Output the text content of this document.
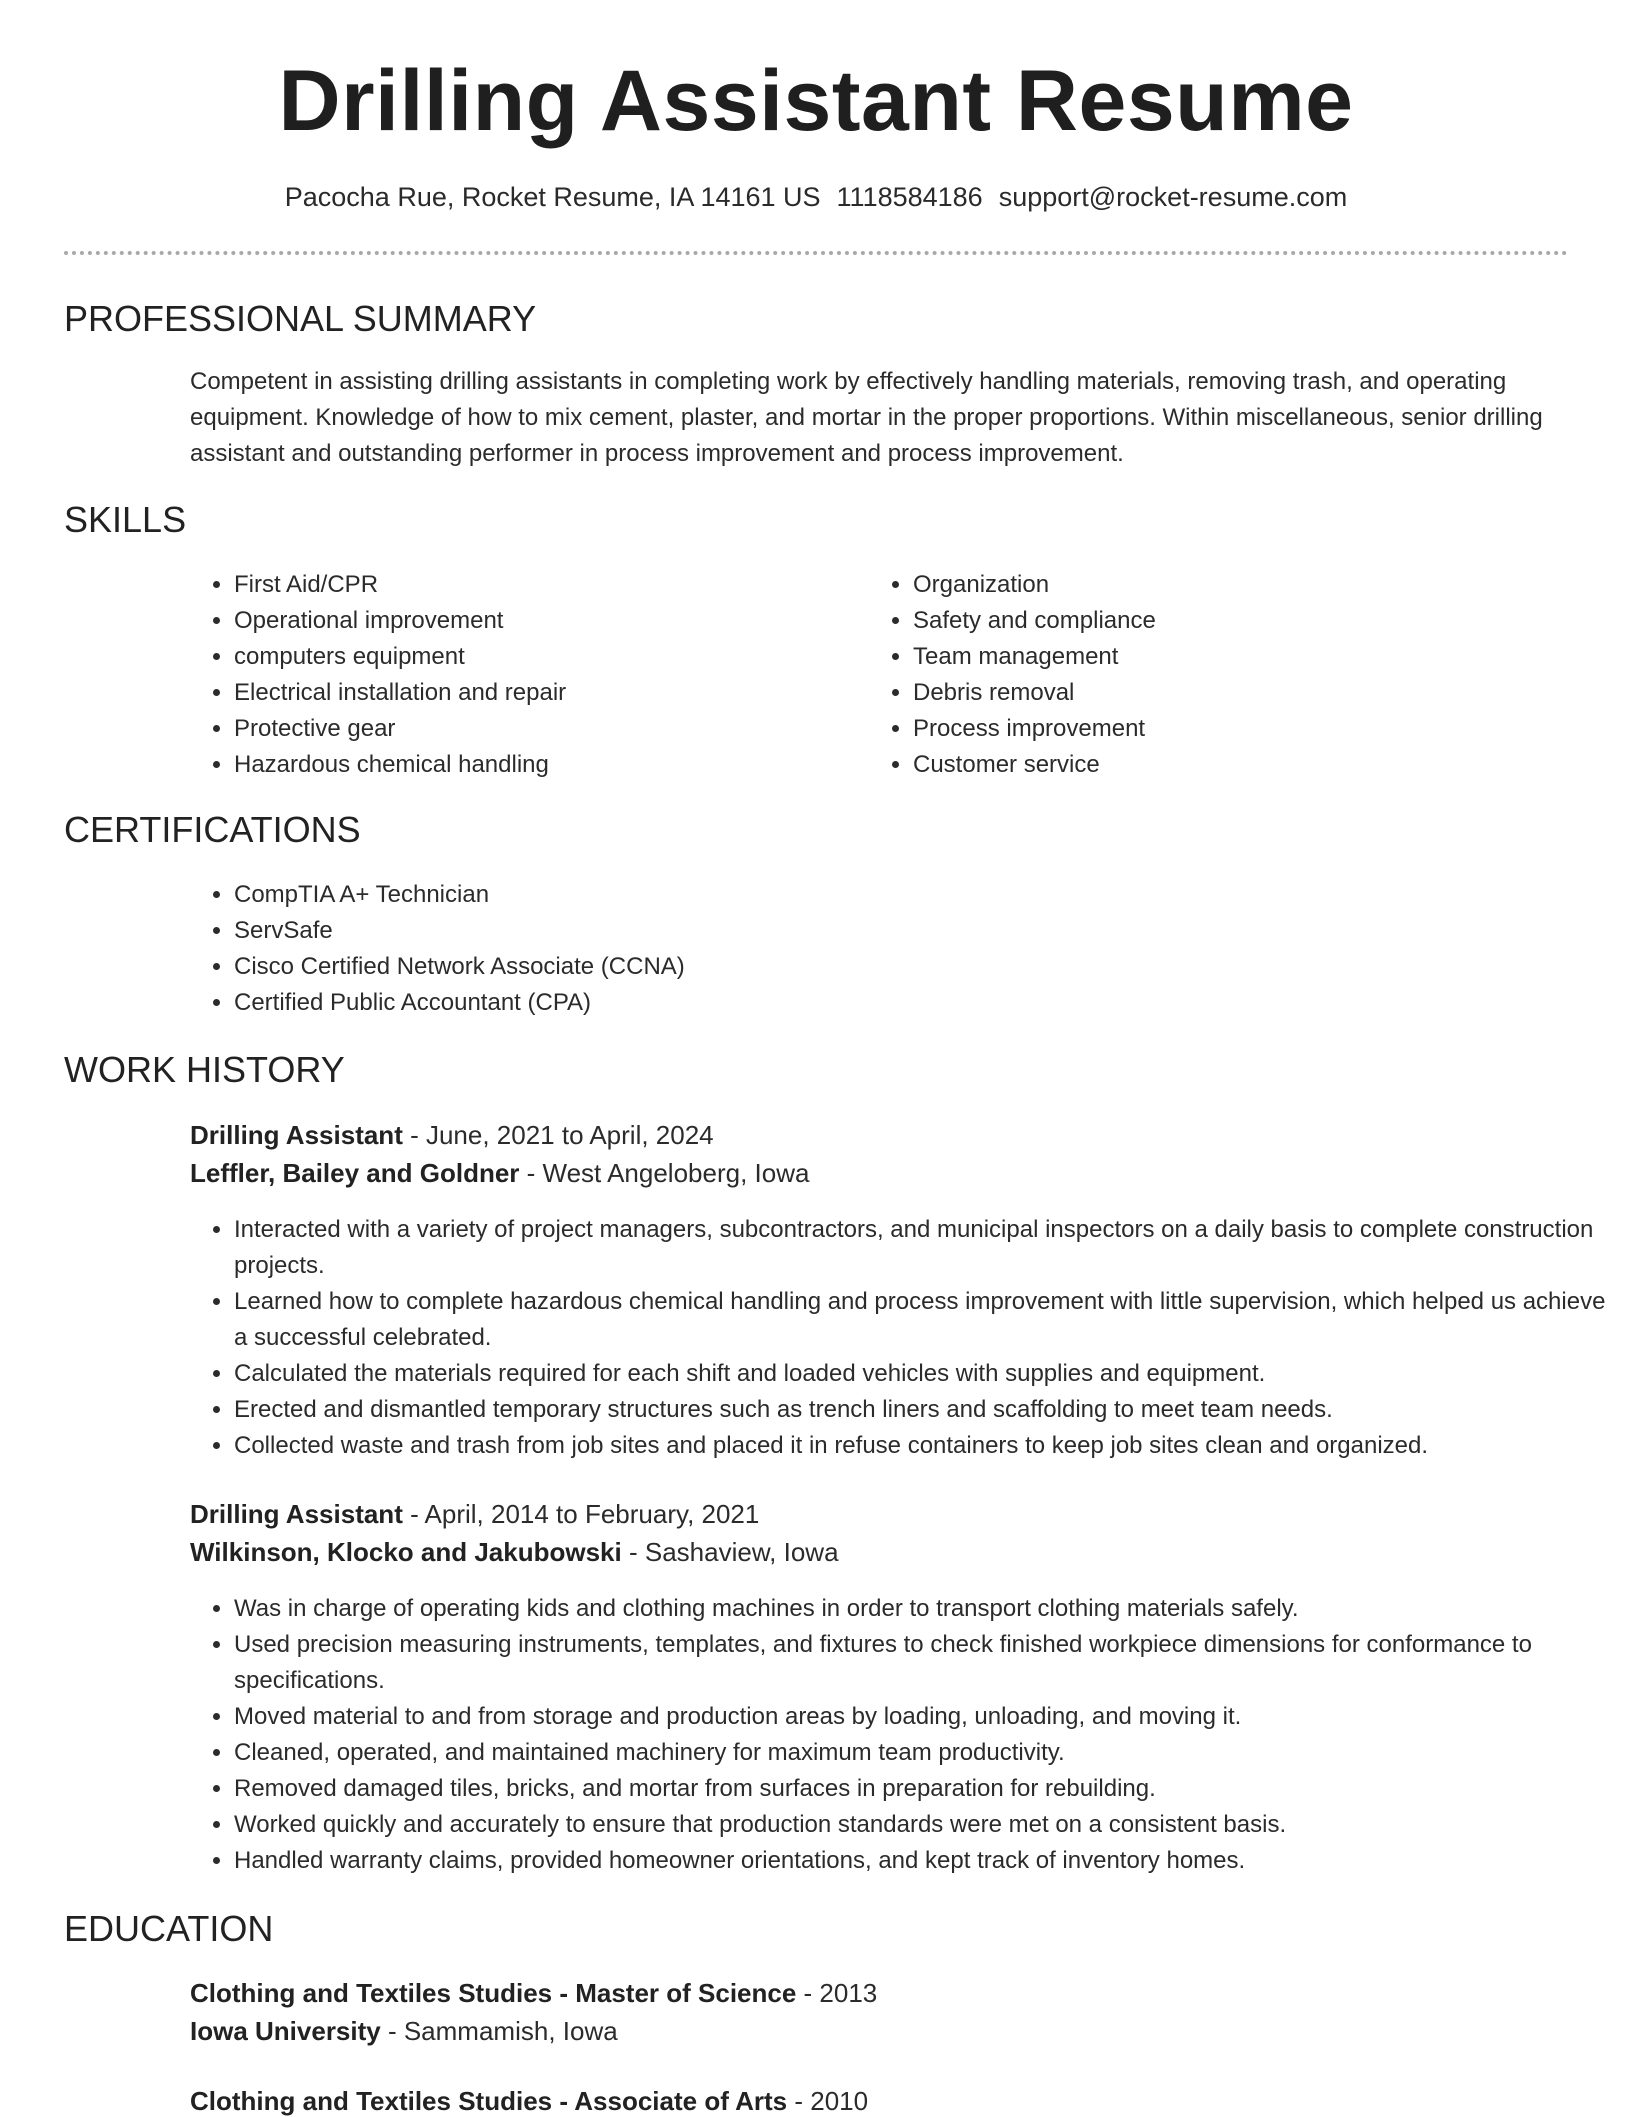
Drilling Assistant Resume
Pacocha Rue, Rocket Resume, IA 14161 US 1118584186 support@rocket-resume.com
PROFESSIONAL SUMMARY

Competent in assisting drilling assistants in completing work by effectively handling materials, removing trash, and operating equipment. Knowledge of how to mix cement, plaster, and mortar in the proper proportions. Within miscellaneous, senior drilling assistant and outstanding performer in process improvement and process improvement.

SKILLS
• First Aid/CPR
• Operational improvement
• computers equipment
• Electrical installation and repair
• Protective gear
• Hazardous chemical handling
• Organization
• Safety and compliance
• Team management
• Debris removal
• Process improvement
• Customer service
CERTIFICATIONS
• CompTIA A+ Technician
• ServSafe
• Cisco Certified Network Associate (CCNA)
• Certified Public Accountant (CPA)
WORK HISTORY
Drilling Assistant - June, 2021 to April, 2024
Leffler, Bailey and Goldner - West Angeloberg, Iowa
• Interacted with a variety of project managers, subcontractors, and municipal inspectors on a daily basis to complete construction projects.
• Learned how to complete hazardous chemical handling and process improvement with little supervision, which helped us achieve a successful celebrated.
• Calculated the materials required for each shift and loaded vehicles with supplies and equipment.
• Erected and dismantled temporary structures such as trench liners and scaffolding to meet team needs.
• Collected waste and trash from job sites and placed it in refuse containers to keep job sites clean and organized.
Drilling Assistant - April, 2014 to February, 2021
Wilkinson, Klocko and Jakubowski - Sashaview, Iowa
• Was in charge of operating kids and clothing machines in order to transport clothing materials safely.
• Used precision measuring instruments, templates, and fixtures to check finished workpiece dimensions for conformance to specifications.
• Moved material to and from storage and production areas by loading, unloading, and moving it.
• Cleaned, operated, and maintained machinery for maximum team productivity.
• Removed damaged tiles, bricks, and mortar from surfaces in preparation for rebuilding.
• Worked quickly and accurately to ensure that production standards were met on a consistent basis.
• Handled warranty claims, provided homeowner orientations, and kept track of inventory homes.
EDUCATION
Clothing and Textiles Studies - Master of Science - 2013
Iowa University - Sammamish, Iowa
Clothing and Textiles Studies - Associate of Arts - 2010
